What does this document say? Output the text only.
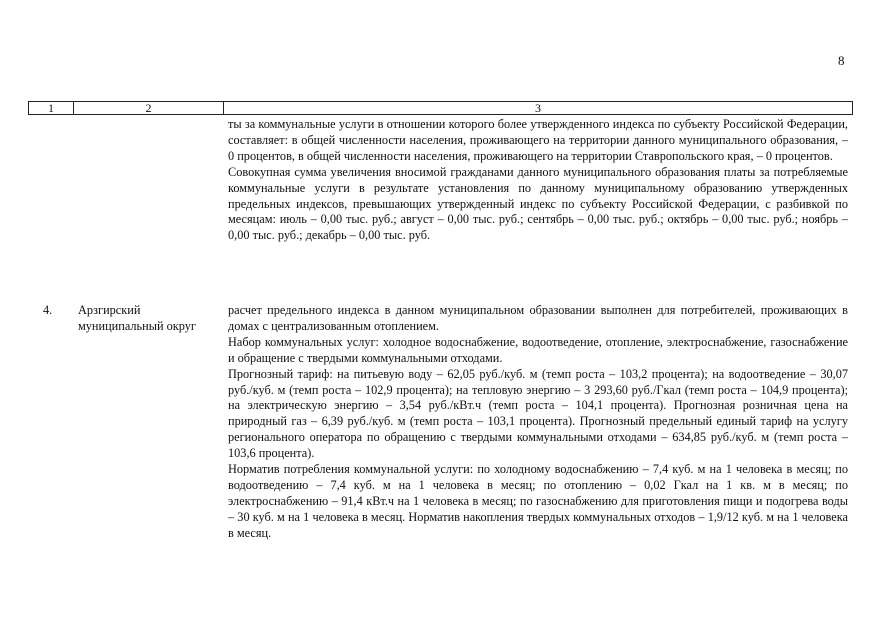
8
1	2	3

ты за коммунальные услуги в отношении которого более утвержденного индекса по субъекту Российской Федерации, составляет: в общей численности населения, проживающего на территории данного муниципального образования, – 0 процентов, в общей численности населения, проживающего на территории Ставропольского края, – 0 процентов.

Совокупная сумма увеличения вносимой гражданами данного муниципального образования платы за потребляемые коммунальные услуги в результате установления по данному муниципальному образованию утвержденных предельных индексов, превышающих утвержденный индекс по субъекту Российской Федерации, с разбивкой по месяцам: июль – 0,00 тыс. руб.; август – 0,00 тыс. руб.; сентябрь – 0,00 тыс. руб.; октябрь – 0,00 тыс. руб.; ноябрь – 0,00 тыс. руб.; декабрь – 0,00 тыс. руб.

4. Арзгирский муниципальный округ

расчет предельного индекса в данном муниципальном образовании выполнен для потребителей, проживающих в домах с централизованным отоплением.

Набор коммунальных услуг: холодное водоснабжение, водоотведение, отопление, электроснабжение, газоснабжение и обращение с твердыми коммунальными отходами.

Прогнозный тариф: на питьевую воду – 62,05 руб./куб. м (темп роста – 103,2 процента); на водоотведение – 30,07 руб./куб. м (темп роста – 102,9 процента); на тепловую энергию – 3 293,60 руб./Гкал (темп роста – 104,9 процента); на электрическую энергию – 3,54 руб./кВт.ч (темп роста – 104,1 процента). Прогнозная розничная цена на природный газ – 6,39 руб./куб. м (темп роста – 103,1 процента). Прогнозный предельный единый тариф на услугу регионального оператора по обращению с твердыми коммунальными отходами – 634,85 руб./куб. м (темп роста – 103,6 процента).

Норматив потребления коммунальной услуги: по холодному водоснабжению – 7,4 куб. м на 1 человека в месяц; по водоотведению – 7,4 куб. м на 1 человека в месяц; по отоплению – 0,02 Гкал на 1 кв. м в месяц; по электроснабжению – 91,4 кВт.ч на 1 человека в месяц; по газоснабжению для приготовления пищи и подогрева воды – 30 куб. м на 1 человека в месяц. Норматив накопления твердых коммунальных отходов – 1,9/12 куб. м на 1 человека в месяц.
